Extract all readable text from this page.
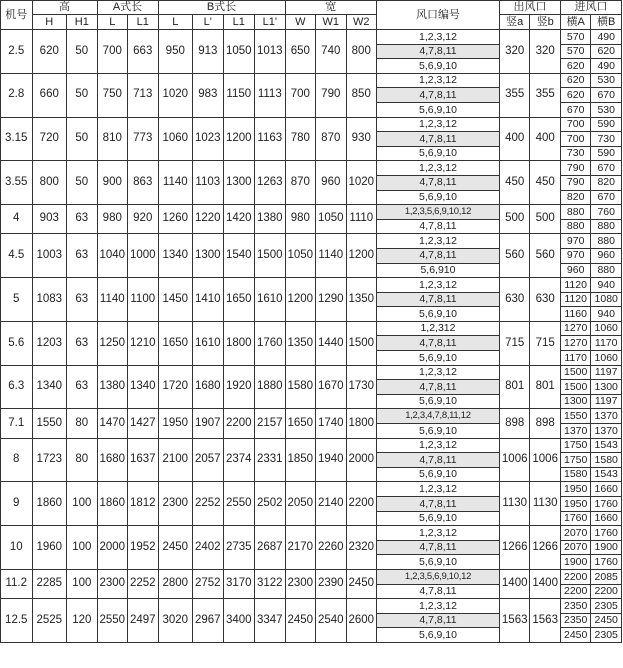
机号	高		A式长		B式长				宽			风口编号	出风口		进风口	
	H	H1	L	L1	L	L'	L1	L1'	W	W1	W2		竖a	竖b	横A	横B
2.5	620	50	700	663	950	913	1050	1013	650	740	800	1,2,3,12	320	320	570	490
												4,7,8,11			570	620
												5,6,9,10			620	490
2.8	660	50	750	713	1020	983	1150	1113	700	790	850	1,2,3,12	355	355	620	530
												4,7,8,11			620	670
												5,6,9,10			670	530
3.15	720	50	810	773	1060	1023	1200	1163	780	870	930	1,2,3,12	400	400	700	590
												4,7,8,11			700	730
												5,6,9,10			730	590
3.55	800	50	900	863	1140	1103	1300	1263	870	960	1020	1,2,3,12	450	450	790	670
												4,7,8,11			790	820
												5,6,9,10			820	670
4	903	63	980	920	1260	1220	1420	1380	980	1050	1110	1,2,3,5,6,9,10,12	500	500	880	760
												4,7,8,11			880	880
4.5	1003	63	1040	1000	1340	1300	1540	1500	1050	1140	1200	1,2,3,12	560	560	970	880
												4,7,8,11			970	960
												5,6,910			960	880
5	1083	63	1140	1100	1450	1410	1650	1610	1200	1290	1350	1,2,3,12	630	630	1120	940
												4,7,8,11			1120	1080
												5,6,9,10			1160	940
5.6	1203	63	1250	1210	1650	1610	1800	1760	1350	1440	1500	1,2,312	715	715	1270	1060
												4,7,8,11			1270	1170
												5,6,9,10			1170	1060
6.3	1340	63	1380	1340	1720	1680	1920	1880	1580	1670	1730	1,2,3,12	801	801	1500	1197
												4,7,8,11			1500	1300
												5,6,9,10			1300	1197
7.1	1550	80	1470	1427	1950	1907	2200	2157	1650	1740	1800	1,2,3,4,7,8,11,12	898	898	1550	1370
												5,6,9,10			1370	1370
8	1723	80	1680	1637	2100	2057	2374	2331	1850	1940	2000	1,2,3,12	1006	1006	1750	1543
												4,7,8,11			1750	1580
												5,6,9,10			1580	1543
9	1860	100	1860	1812	2300	2252	2550	2502	2050	2140	2200	1,2,3,12	1130	1130	1950	1660
												4,7,8,11			1950	1760
												5,6,9,10			1760	1660
10	1960	100	2000	1952	2450	2402	2735	2687	2170	2260	2320	1,2,3,12	1266	1266	2070	1760
												4,7,8,11			2070	1900
												5,6,9,10			1900	1760
11.2	2285	100	2300	2252	2800	2752	3170	3122	2300	2390	2450	1,2,3,5,6,9,10,12	1400	1400	2200	2085
												4,7,8,11			2200	2200
12.5	2525	120	2550	2497	3020	2967	3400	3347	2450	2540	2600	1,2,3,12	1563	1563	2350	2305
												4,7,8,11			2350	2450
												5,6,9,10			2450	2305
